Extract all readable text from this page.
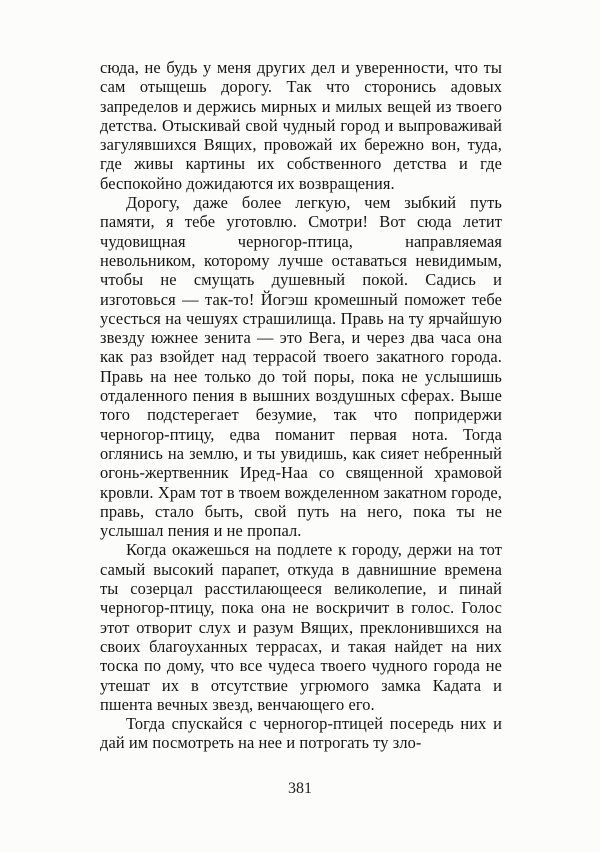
сюда, не будь у меня других дел и уверенности, что ты сам отыщешь дорогу. Так что сторонись адовых запределов и держись мирных и милых вещей из твоего детства. Отыскивай свой чудный город и выпроваживай загулявшихся Вящих, провожай их бережно вон, туда, где живы картины их собственного детства и где беспокойно дожидаются их возвращения.

Дорогу, даже более легкую, чем зыбкий путь памяти, я тебе уготовлю. Смотри! Вот сюда летит чудовищная черногор-птица, направляемая невольником, которому лучше оставаться невидимым, чтобы не смущать душевный покой. Садись и изготовься — так-то! Йогэш кромешный поможет тебе усесться на чешуях страшилища. Правь на ту ярчайшую звезду южнее зенита — это Вега, и через два часа она как раз взойдет над террасой твоего закатного города. Правь на нее только до той поры, пока не услышишь отдаленного пения в вышних воздушных сферах. Выше того подстерегает безумие, так что попридержи черногор-птицу, едва поманит первая нота. Тогда оглянись на землю, и ты увидишь, как сияет небренный огонь-жертвенник Иред-Наа со священной храмовой кровли. Храм тот в твоем вожделенном закатном городе, правь, стало быть, свой путь на него, пока ты не услышал пения и не пропал.

Когда окажешься на подлете к городу, держи на тот самый высокий парапет, откуда в давнишние времена ты созерцал расстилающееся великолепие, и пинай черногор-птицу, пока она не воскричит в голос. Голос этот отворит слух и разум Вящих, преклонившихся на своих благоуханных террасах, и такая найдет на них тоска по дому, что все чудеса твоего чудного города не утешат их в отсутствие угрюмого замка Кадата и пшента вечных звезд, венчающего его.

Тогда спускайся с черногор-птицей посередь них и дай им посмотреть на нее и потрогать ту зло-

381
